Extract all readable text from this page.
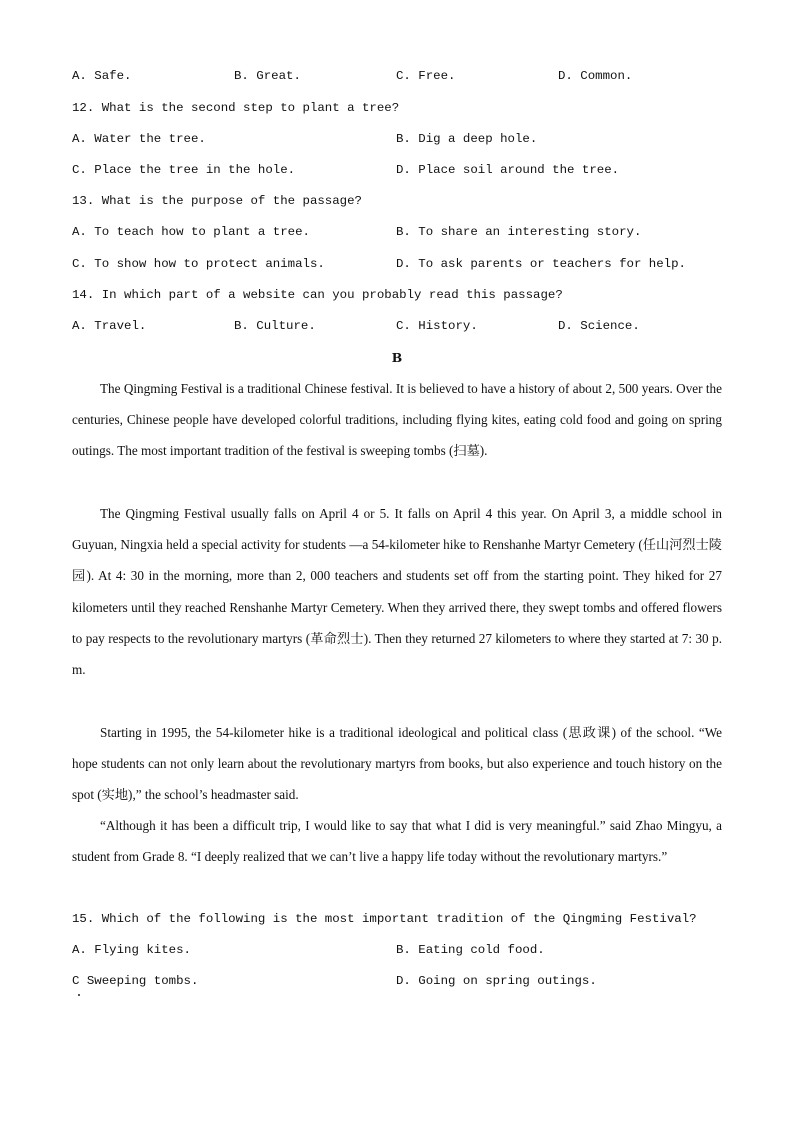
A. Safe.	B. Great.	C. Free.	D. Common.
12. What is the second step to plant a tree?
A. Water the tree.	B. Dig a deep hole.
C. Place the tree in the hole.	D. Place soil around the tree.
13. What is the purpose of the passage?
A. To teach how to plant a tree.	B. To share an interesting story.
C. To show how to protect animals.	D. To ask parents or teachers for help.
14. In which part of a website can you probably read this passage?
A. Travel.	B. Culture.	C. History.	D. Science.
B

The Qingming Festival is a traditional Chinese festival. It is believed to have a history of about 2, 500 years. Over the centuries, Chinese people have developed colorful traditions, including flying kites, eating cold food and going on spring outings. The most important tradition of the festival is sweeping tombs (扫墓).

The Qingming Festival usually falls on April 4 or 5. It falls on April 4 this year. On April 3, a middle school in Guyuan, Ningxia held a special activity for students —a 54-kilometer hike to Renshanhe Martyr Cemetery (任山河烈士陵园). At 4: 30 in the morning, more than 2, 000 teachers and students set off from the starting point. They hiked for 27 kilometers until they reached Renshanhe Martyr Cemetery. When they arrived there, they swept tombs and offered flowers to pay respects to the revolutionary martyrs (革命烈士). Then they returned 27 kilometers to where they started at 7: 30 p. m.

Starting in 1995, the 54-kilometer hike is a traditional ideological and political class (思政课) of the school. “We hope students can not only learn about the revolutionary martyrs from books, but also experience and touch history on the spot (实地),” the school’s headmaster said.

“Although it has been a difficult trip, I would like to say that what I did is very meaningful.” said Zhao Mingyu, a student from Grade 8. “I deeply realized that we can’t live a happy life today without the revolutionary martyrs.”

15. Which of the following is the most important tradition of the Qingming Festival?
A. Flying kites.	B. Eating cold food.
C Sweeping tombs.	D. Going on spring outings.
